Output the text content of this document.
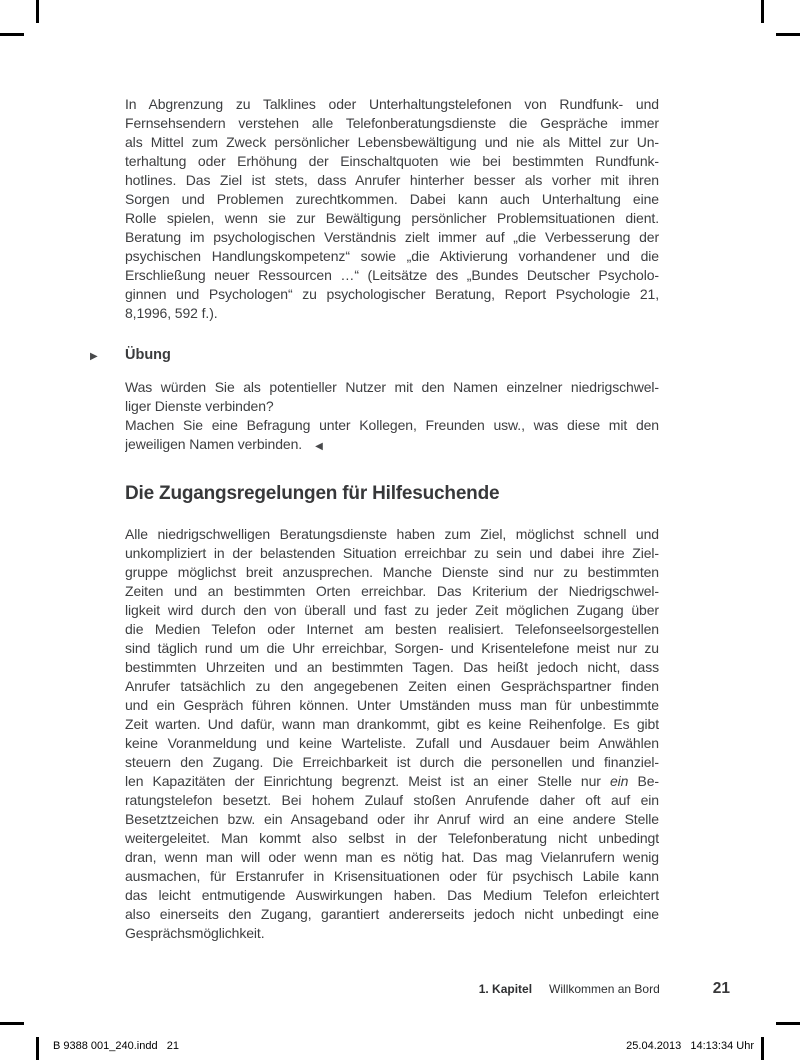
In Abgrenzung zu Talklines oder Unterhaltungstelefonen von Rundfunk- und
Fernsehsendern verstehen alle Telefonberatungsdienste die Gespräche immer
als Mittel zum Zweck persönlicher Lebensbewältigung und nie als Mittel zur Un-
terhaltung oder Erhöhung der Einschaltquoten wie bei bestimmten Rundfunk-
hotlines. Das Ziel ist stets, dass Anrufer hinterher besser als vorher mit ihren
Sorgen und Problemen zurechtkommen. Dabei kann auch Unterhaltung eine
Rolle spielen, wenn sie zur Bewältigung persönlicher Problemsituationen dient.
Beratung im psychologischen Verständnis zielt immer auf „die Verbesserung der
psychischen Handlungskompetenz“ sowie „die Aktivierung vorhandener und die
Erschließung neuer Ressourcen …“ (Leitsätze des „Bundes Deutscher Psycholo-
ginnen und Psychologen“ zu psychologischer Beratung, Report Psychologie 21,
8,1996, 592 f.).
▶ Übung
Was würden Sie als potentieller Nutzer mit den Namen einzelner niedrigschwel-
liger Dienste verbinden?
Machen Sie eine Befragung unter Kollegen, Freunden usw., was diese mit den
jeweiligen Namen verbinden. ◀
Die Zugangsregelungen für Hilfesuchende
Alle niedrigschwelligen Beratungsdienste haben zum Ziel, möglichst schnell und
unkompliziert in der belastenden Situation erreichbar zu sein und dabei ihre Ziel-
gruppe möglichst breit anzusprechen. Manche Dienste sind nur zu bestimmten
Zeiten und an bestimmten Orten erreichbar. Das Kriterium der Niedrigschwel-
ligkeit wird durch den von überall und fast zu jeder Zeit möglichen Zugang über
die Medien Telefon oder Internet am besten realisiert. Telefonseelsorgestellen
sind täglich rund um die Uhr erreichbar, Sorgen- und Krisentelefone meist nur zu
bestimmten Uhrzeiten und an bestimmten Tagen. Das heißt jedoch nicht, dass
Anrufer tatsächlich zu den angegebenen Zeiten einen Gesprächspartner finden
und ein Gespräch führen können. Unter Umständen muss man für unbestimmte
Zeit warten. Und dafür, wann man drankommt, gibt es keine Reihenfolge. Es gibt
keine Voranmeldung und keine Warteliste. Zufall und Ausdauer beim Anwählen
steuern den Zugang. Die Erreichbarkeit ist durch die personellen und finanziel-
len Kapazitäten der Einrichtung begrenzt. Meist ist an einer Stelle nur ein Be-
ratungstelefon besetzt. Bei hohem Zulauf stoßen Anrufende daher oft auf ein
Besetztzeichen bzw. ein Ansageband oder ihr Anruf wird an eine andere Stelle
weitergeleitet. Man kommt also selbst in der Telefonberatung nicht unbedingt
dran, wenn man will oder wenn man es nötig hat. Das mag Vielanrufern wenig
ausmachen, für Erstanrufer in Krisensituationen oder für psychisch Labile kann
das leicht entmutigende Auswirkungen haben. Das Medium Telefon erleichtert
also einerseits den Zugang, garantiert andererseits jedoch nicht unbedingt eine
Gesprächsmöglichkeit.
1. Kapitel Willkommen an Bord	21
B 9388 001_240.indd   21	25.04.2013   14:13:34 Uhr
